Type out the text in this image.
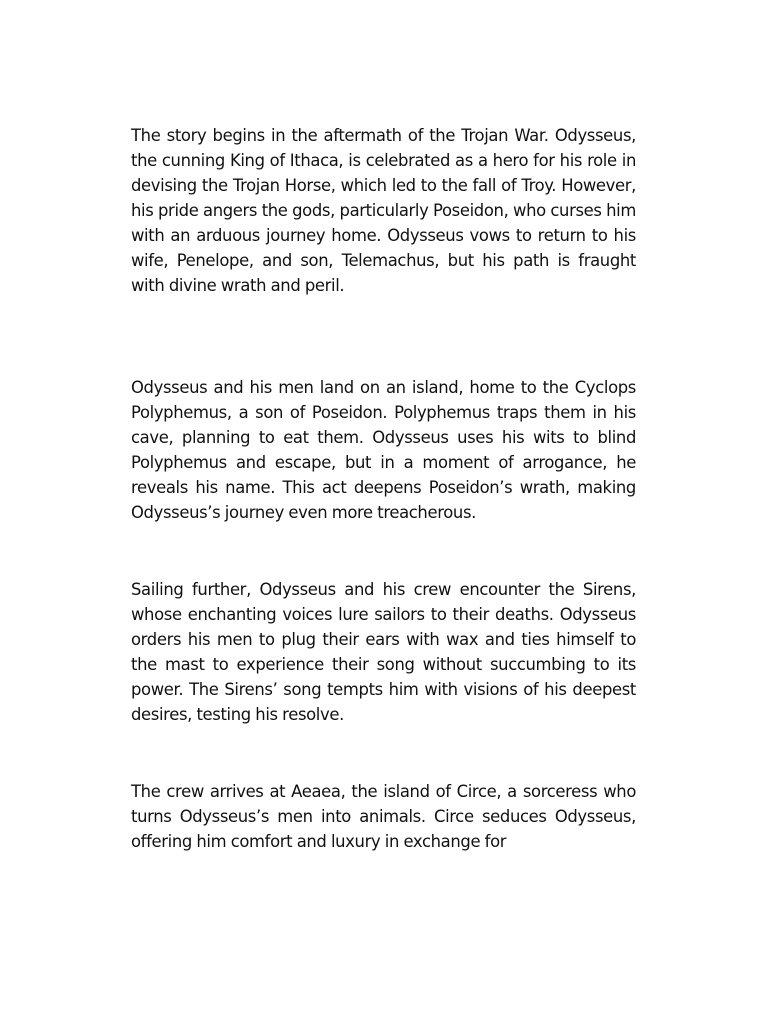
The story begins in the aftermath of the Trojan War. Odysseus, the cunning King of Ithaca, is celebrated as a hero for his role in devising the Trojan Horse, which led to the fall of Troy. However, his pride angers the gods, particularly Poseidon, who curses him with an arduous journey home. Odysseus vows to return to his wife, Penelope, and son, Telemachus, but his path is fraught with divine wrath and peril.

Odysseus and his men land on an island, home to the Cyclops Polyphemus, a son of Poseidon. Polyphemus traps them in his cave, planning to eat them. Odysseus uses his wits to blind Polyphemus and escape, but in a moment of arrogance, he reveals his name. This act deepens Poseidon’s wrath, making Odysseus’s journey even more treacherous.

Sailing further, Odysseus and his crew encounter the Sirens, whose enchanting voices lure sailors to their deaths. Odysseus orders his men to plug their ears with wax and ties himself to the mast to experience their song without succumbing to its power. The Sirens’ song tempts him with visions of his deepest desires, testing his resolve.

The crew arrives at Aeaea, the island of Circe, a sorceress who turns Odysseus’s men into animals. Circe seduces Odysseus, offering him comfort and luxury in exchange for
